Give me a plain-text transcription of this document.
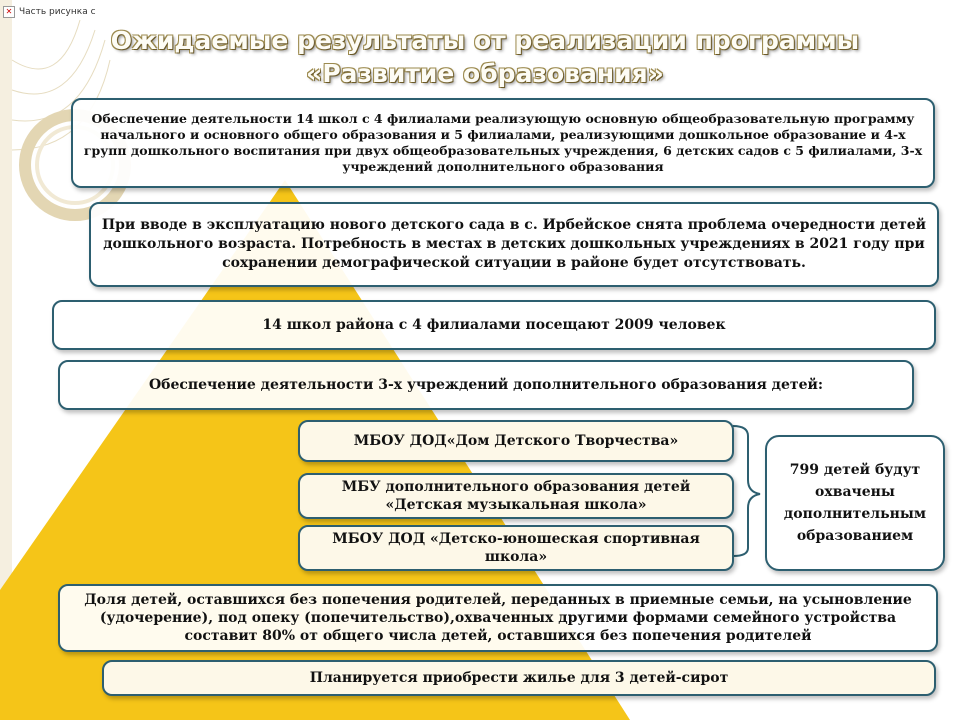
✕ Часть рисунка с
Ожидаемые результаты от реализации программы «Развитие образования»
Обеспечение деятельности 14 школ с 4 филиалами реализующую основную общеобразовательную программу начального и основного общего образования и 5 филиалами, реализующими дошкольное образование и 4-х групп дошкольного воспитания при двух общеобразовательных учреждения, 6 детских садов с 5 филиалами, 3-х учреждений дополнительного образования
При вводе в эксплуатацию нового детского сада в с. Ирбейское снята проблема очередности детей дошкольного возраста. Потребность в местах в детских дошкольных учреждениях в 2021 году при сохранении демографической ситуации в районе будет отсутствовать.
14 школ района с 4 филиалами посещают 2009 человек
Обеспечение деятельности 3-х учреждений дополнительного образования детей:
МБОУ ДОД«Дом Детского Творчества»
МБУ дополнительного образования детей «Детская музыкальная школа»
МБОУ ДОД «Детско-юношеская спортивная школа»
799 детей будут охвачены дополнительным образованием
Доля детей, оставшихся без попечения родителей, переданных в приемные семьи, на усыновление (удочерение), под опеку (попечительство),охваченных другими формами семейного устройства составит 80% от общего числа детей, оставшихся без попечения родителей
Планируется приобрести жилье для 3 детей-сирот
